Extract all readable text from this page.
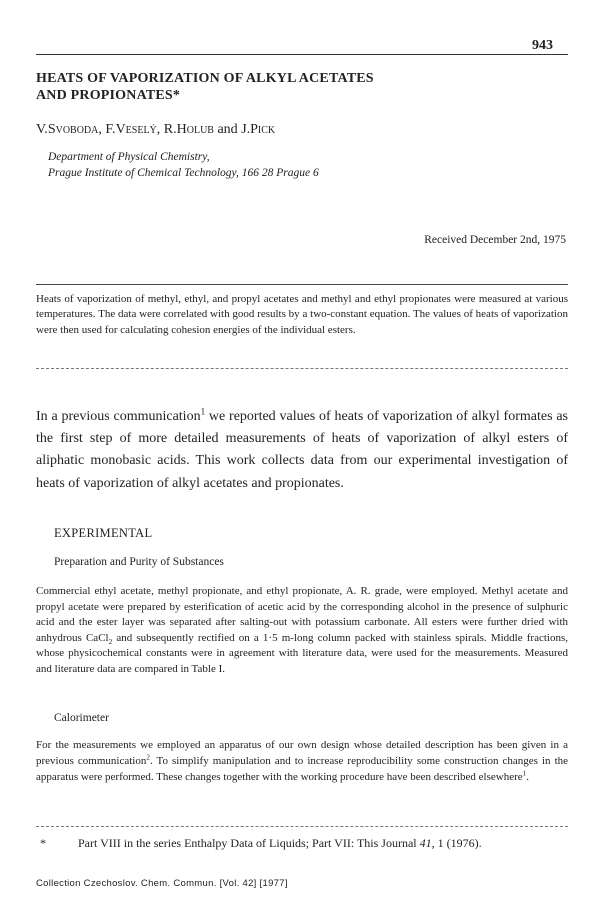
943
HEATS OF VAPORIZATION OF ALKYL ACETATES
AND PROPIONATES*
V.Svoboda, F.Veselý, R.Holub and J.Pick
Department of Physical Chemistry,
Prague Institute of Chemical Technology, 166 28 Prague 6
Received December 2nd, 1975
Heats of vaporization of methyl, ethyl, and propyl acetates and methyl and ethyl propionates were measured at various temperatures. The data were correlated with good results by a two-constant equation. The values of heats of vaporization were then used for calculating cohesion energies of the individual esters.
In a previous communication$^1$ we reported values of heats of vaporization of alkyl formates as the first step of more detailed measurements of heats of vaporization of alkyl esters of aliphatic monobasic acids. This work collects data from our experimental investigation of heats of vaporization of alkyl acetates and propionates.
EXPERIMENTAL
Preparation and Purity of Substances
Commercial ethyl acetate, methyl propionate, and ethyl propionate, A. R. grade, were employed. Methyl acetate and propyl acetate were prepared by esterification of acetic acid by the corresponding alcohol in the presence of sulphuric acid and the ester layer was separated after salting-out with potassium carbonate. All esters were further dried with anhydrous CaCl$_2$ and subsequently rectified on a 1·5 m-long column packed with stainless spirals. Middle fractions, whose physicochemical constants were in agreement with literature data, were used for the measurements. Measured and literature data are compared in Table I.
Calorimeter
For the measurements we employed an apparatus of our own design whose detailed description has been given in a previous communication$^2$. To simplify manipulation and to increase reproducibility some construction changes in the apparatus were performed. These changes together with the working procedure have been described elsewhere$^1$.
*	Part VIII in the series Enthalpy Data of Liquids; Part VII: This Journal 41, 1 (1976).
Collection Czechoslov. Chem. Commun. [Vol. 42] [1977]
